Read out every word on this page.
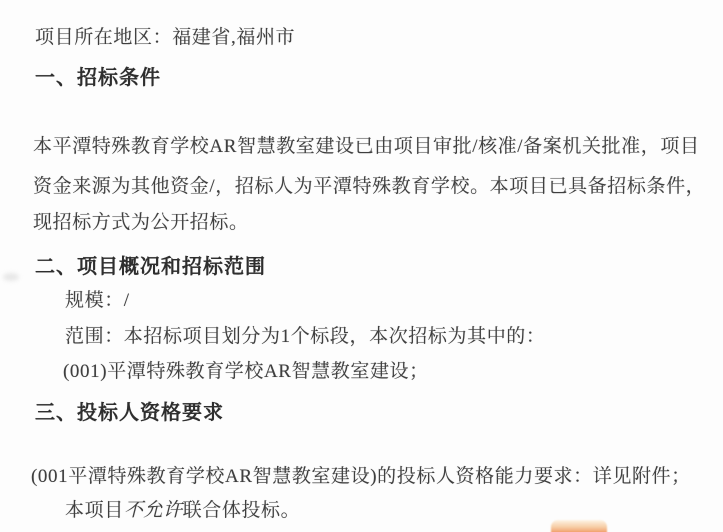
项目所在地区：福建省,福州市
一、招标条件
本平潭特殊教育学校AR智慧教室建设已由项目审批/核准/备案机关批准，项目
资金来源为其他资金/，招标人为平潭特殊教育学校。本项目已具备招标条件，
现招标方式为公开招标。
二、项目概况和招标范围
规模：/
范围：本招标项目划分为1个标段，本次招标为其中的：
(001)平潭特殊教育学校AR智慧教室建设；
三、投标人资格要求
(001平潭特殊教育学校AR智慧教室建设)的投标人资格能力要求：详见附件；
本项目不允许联合体投标。
